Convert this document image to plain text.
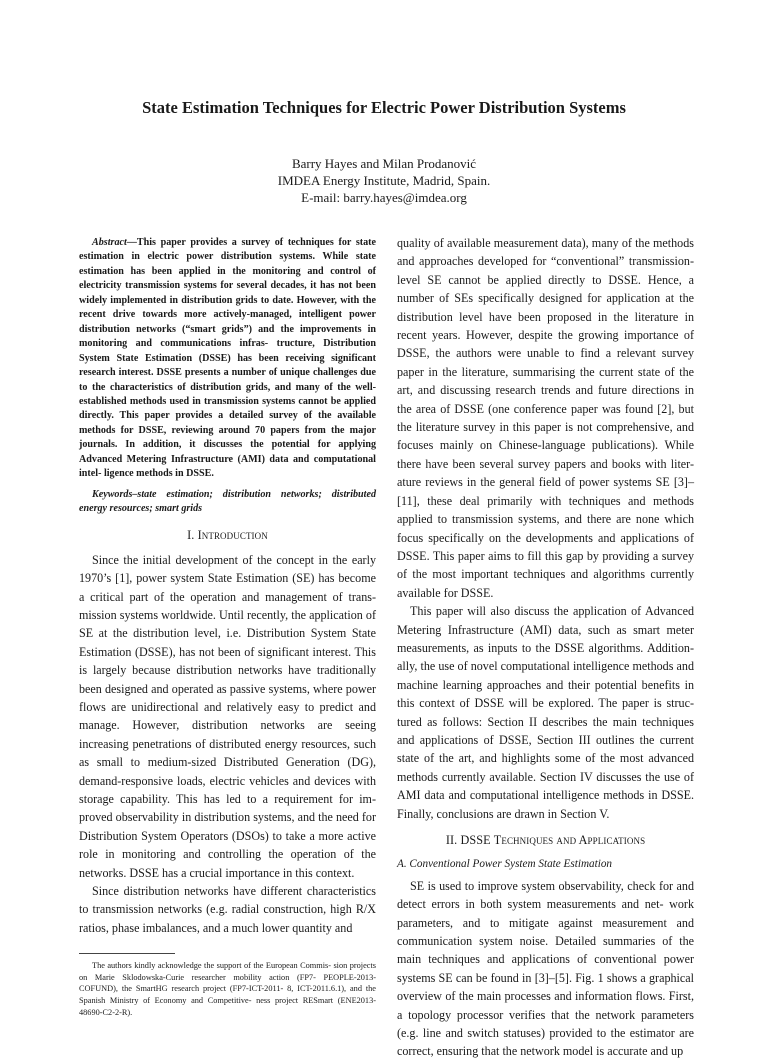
State Estimation Techniques for Electric Power Distribution Systems
Barry Hayes and Milan Prodanović
IMDEA Energy Institute, Madrid, Spain.
E-mail: barry.hayes@imdea.org

Abstract—This paper provides a survey of techniques for state estimation in electric power distribution systems. While state estimation has been applied in the monitoring and control of electricity transmission systems for several decades, it has not been widely implemented in distribution grids to date. However, with the recent drive towards more actively-managed, intelligent power distribution networks (“smart grids”) and the improvements in monitoring and communications infras- tructure, Distribution System State Estimation (DSSE) has been receiving significant research interest. DSSE presents a number of unique challenges due to the characteristics of distribution grids, and many of the well-established methods used in transmission systems cannot be applied directly. This paper provides a detailed survey of the available methods for DSSE, reviewing around 70 papers from the major journals. In addition, it discusses the potential for applying Advanced Metering Infrastructure (AMI) data and computational intel- ligence methods in DSSE.

Keywords–state estimation; distribution networks; distributed energy resources; smart grids

I. Introduction

Since the initial development of the concept in the early 1970’s [1], power system State Estimation (SE) has become a critical part of the operation and management of trans- mission systems worldwide. Until recently, the application of SE at the distribution level, i.e. Distribution System State Estimation (DSSE), has not been of significant interest. This is largely because distribution networks have traditionally been designed and operated as passive systems, where power flows are unidirectional and relatively easy to predict and manage. However, distribution networks are seeing increasing penetrations of distributed energy resources, such as small to medium-sized Distributed Generation (DG), demand-responsive loads, electric vehicles and devices with storage capability. This has led to a requirement for im- proved observability in distribution systems, and the need for Distribution System Operators (DSOs) to take a more active role in monitoring and controlling the operation of the networks. DSSE has a crucial importance in this context.

Since distribution networks have different characteristics to transmission networks (e.g. radial construction, high R/X ratios, phase imbalances, and a much lower quantity and

The authors kindly acknowledge the support of the European Commis- sion projects on Marie Sklodowska-Curie researcher mobility action (FP7- PEOPLE-2013-COFUND), the SmartHG research project (FP7-ICT-2011- 8, ICT-2011.6.1), and the Spanish Ministry of Economy and Competitive- ness project RESmart (ENE2013-48690-C2-2-R).

quality of available measurement data), many of the methods and approaches developed for “conventional” transmission- level SE cannot be applied directly to DSSE. Hence, a number of SEs specifically designed for application at the distribution level have been proposed in the literature in recent years. However, despite the growing importance of DSSE, the authors were unable to find a relevant survey paper in the literature, summarising the current state of the art, and discussing research trends and future directions in the area of DSSE (one conference paper was found [2], but the literature survey in this paper is not comprehensive, and focuses mainly on Chinese-language publications). While there have been several survey papers and books with liter- ature reviews in the general field of power systems SE [3]– [11], these deal primarily with techniques and methods applied to transmission systems, and there are none which focus specifically on the developments and applications of DSSE. This paper aims to fill this gap by providing a survey of the most important techniques and algorithms currently available for DSSE.

This paper will also discuss the application of Advanced Metering Infrastructure (AMI) data, such as smart meter measurements, as inputs to the DSSE algorithms. Addition- ally, the use of novel computational intelligence methods and machine learning approaches and their potential benefits in this context of DSSE will be explored. The paper is struc- tured as follows: Section II describes the main techniques and applications of DSSE, Section III outlines the current state of the art, and highlights some of the most advanced methods currently available. Section IV discusses the use of AMI data and computational intelligence methods in DSSE. Finally, conclusions are drawn in Section V.

II. DSSE Techniques and Applications
A. Conventional Power System State Estimation

SE is used to improve system observability, check for and detect errors in both system measurements and net- work parameters, and to mitigate against measurement and communication system noise. Detailed summaries of the main techniques and applications of conventional power systems SE can be found in [3]–[5]. Fig. 1 shows a graphical overview of the main processes and information flows. First, a topology processor verifies that the network parameters (e.g. line and switch statuses) provided to the estimator are correct, ensuring that the network model is accurate and up
